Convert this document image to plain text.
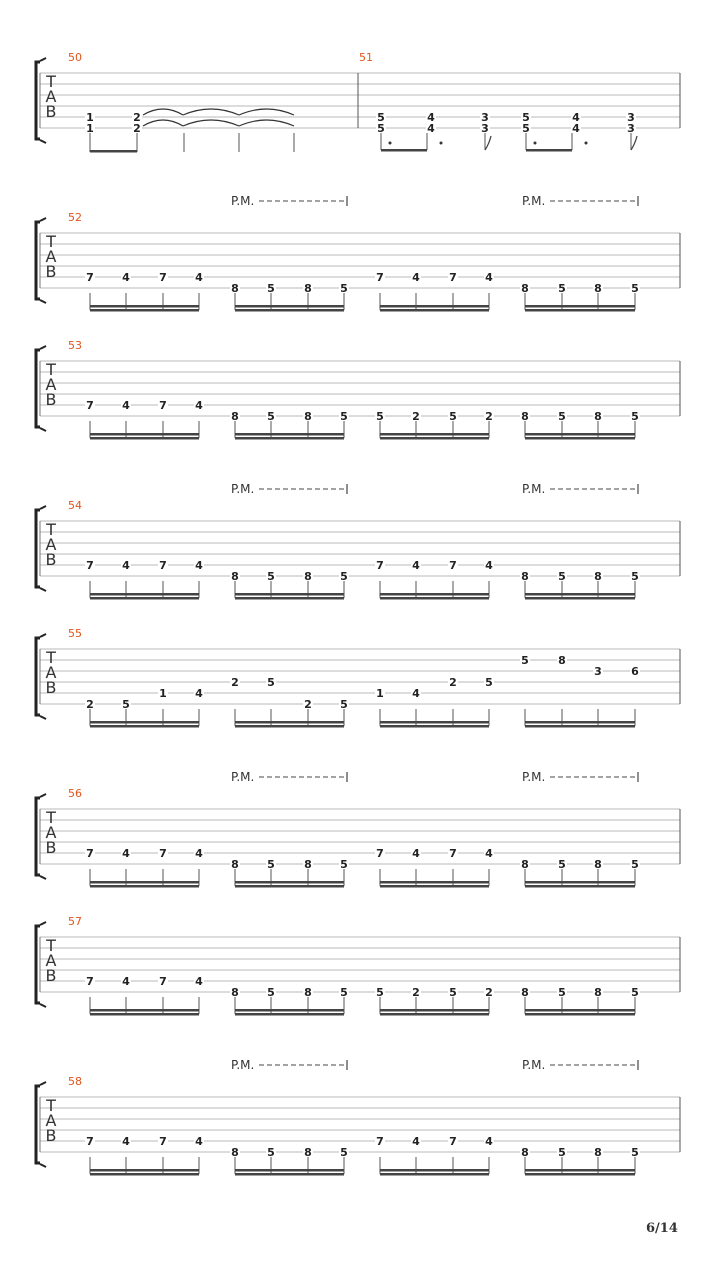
T
A
B
50	51
1
1
2
2
5
5
4
4
3
3
5
5
4
4
3
3
T
A
B
52
P.M.	P.M.
7	4	7	4
8	5	8	5
7	4	7	4
8	5	8	5
T
A
B
53
7	4	7	4
8	5	8	5	5	2	5	2	8	5	8	5
T
A
B
54
P.M.	P.M.
7	4	7	4
8	5	8	5
7	4	7	4
8	5	8	5
T
A
B
55
2	5
1	4
2	5
2	5
1	4
2	5
5	8
3	6
T
A
B
56
P.M.	P.M.
7	4	7	4
8	5	8	5
7	4	7	4
8	5	8	5
T
A
B
57
7	4	7	4
8	5	8	5	5	2	5	2	8	5	8	5
T
A
B
58
P.M.	P.M.
7	4	7	4
8	5	8	5
7	4	7	4
8	5	8	5
6/14
